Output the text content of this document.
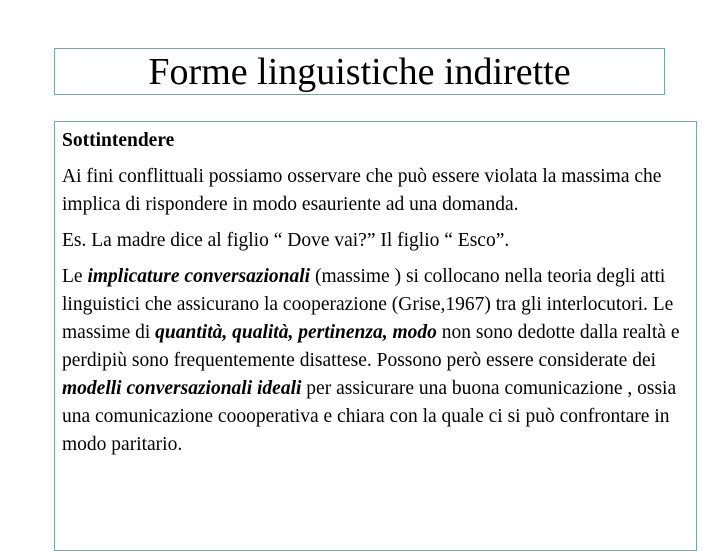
Forme linguistiche indirette

Sottintendere

Ai fini conflittuali possiamo osservare che può essere violata la massima che implica di rispondere in modo esauriente ad una domanda.

Es. La madre dice al figlio “ Dove vai?” Il figlio “ Esco”.

Le implicature conversazionali (massime ) si collocano nella teoria degli atti linguistici che assicurano la cooperazione (Grise,1967) tra gli interlocutori. Le massime di quantità, qualità, pertinenza, modo non sono dedotte dalla realtà e perdipiù sono frequentemente disattese. Possono però essere considerate dei modelli conversazionali ideali per assicurare una buona comunicazione , ossia una comunicazione coooperativa e chiara con la quale ci si può confrontare in modo paritario.
